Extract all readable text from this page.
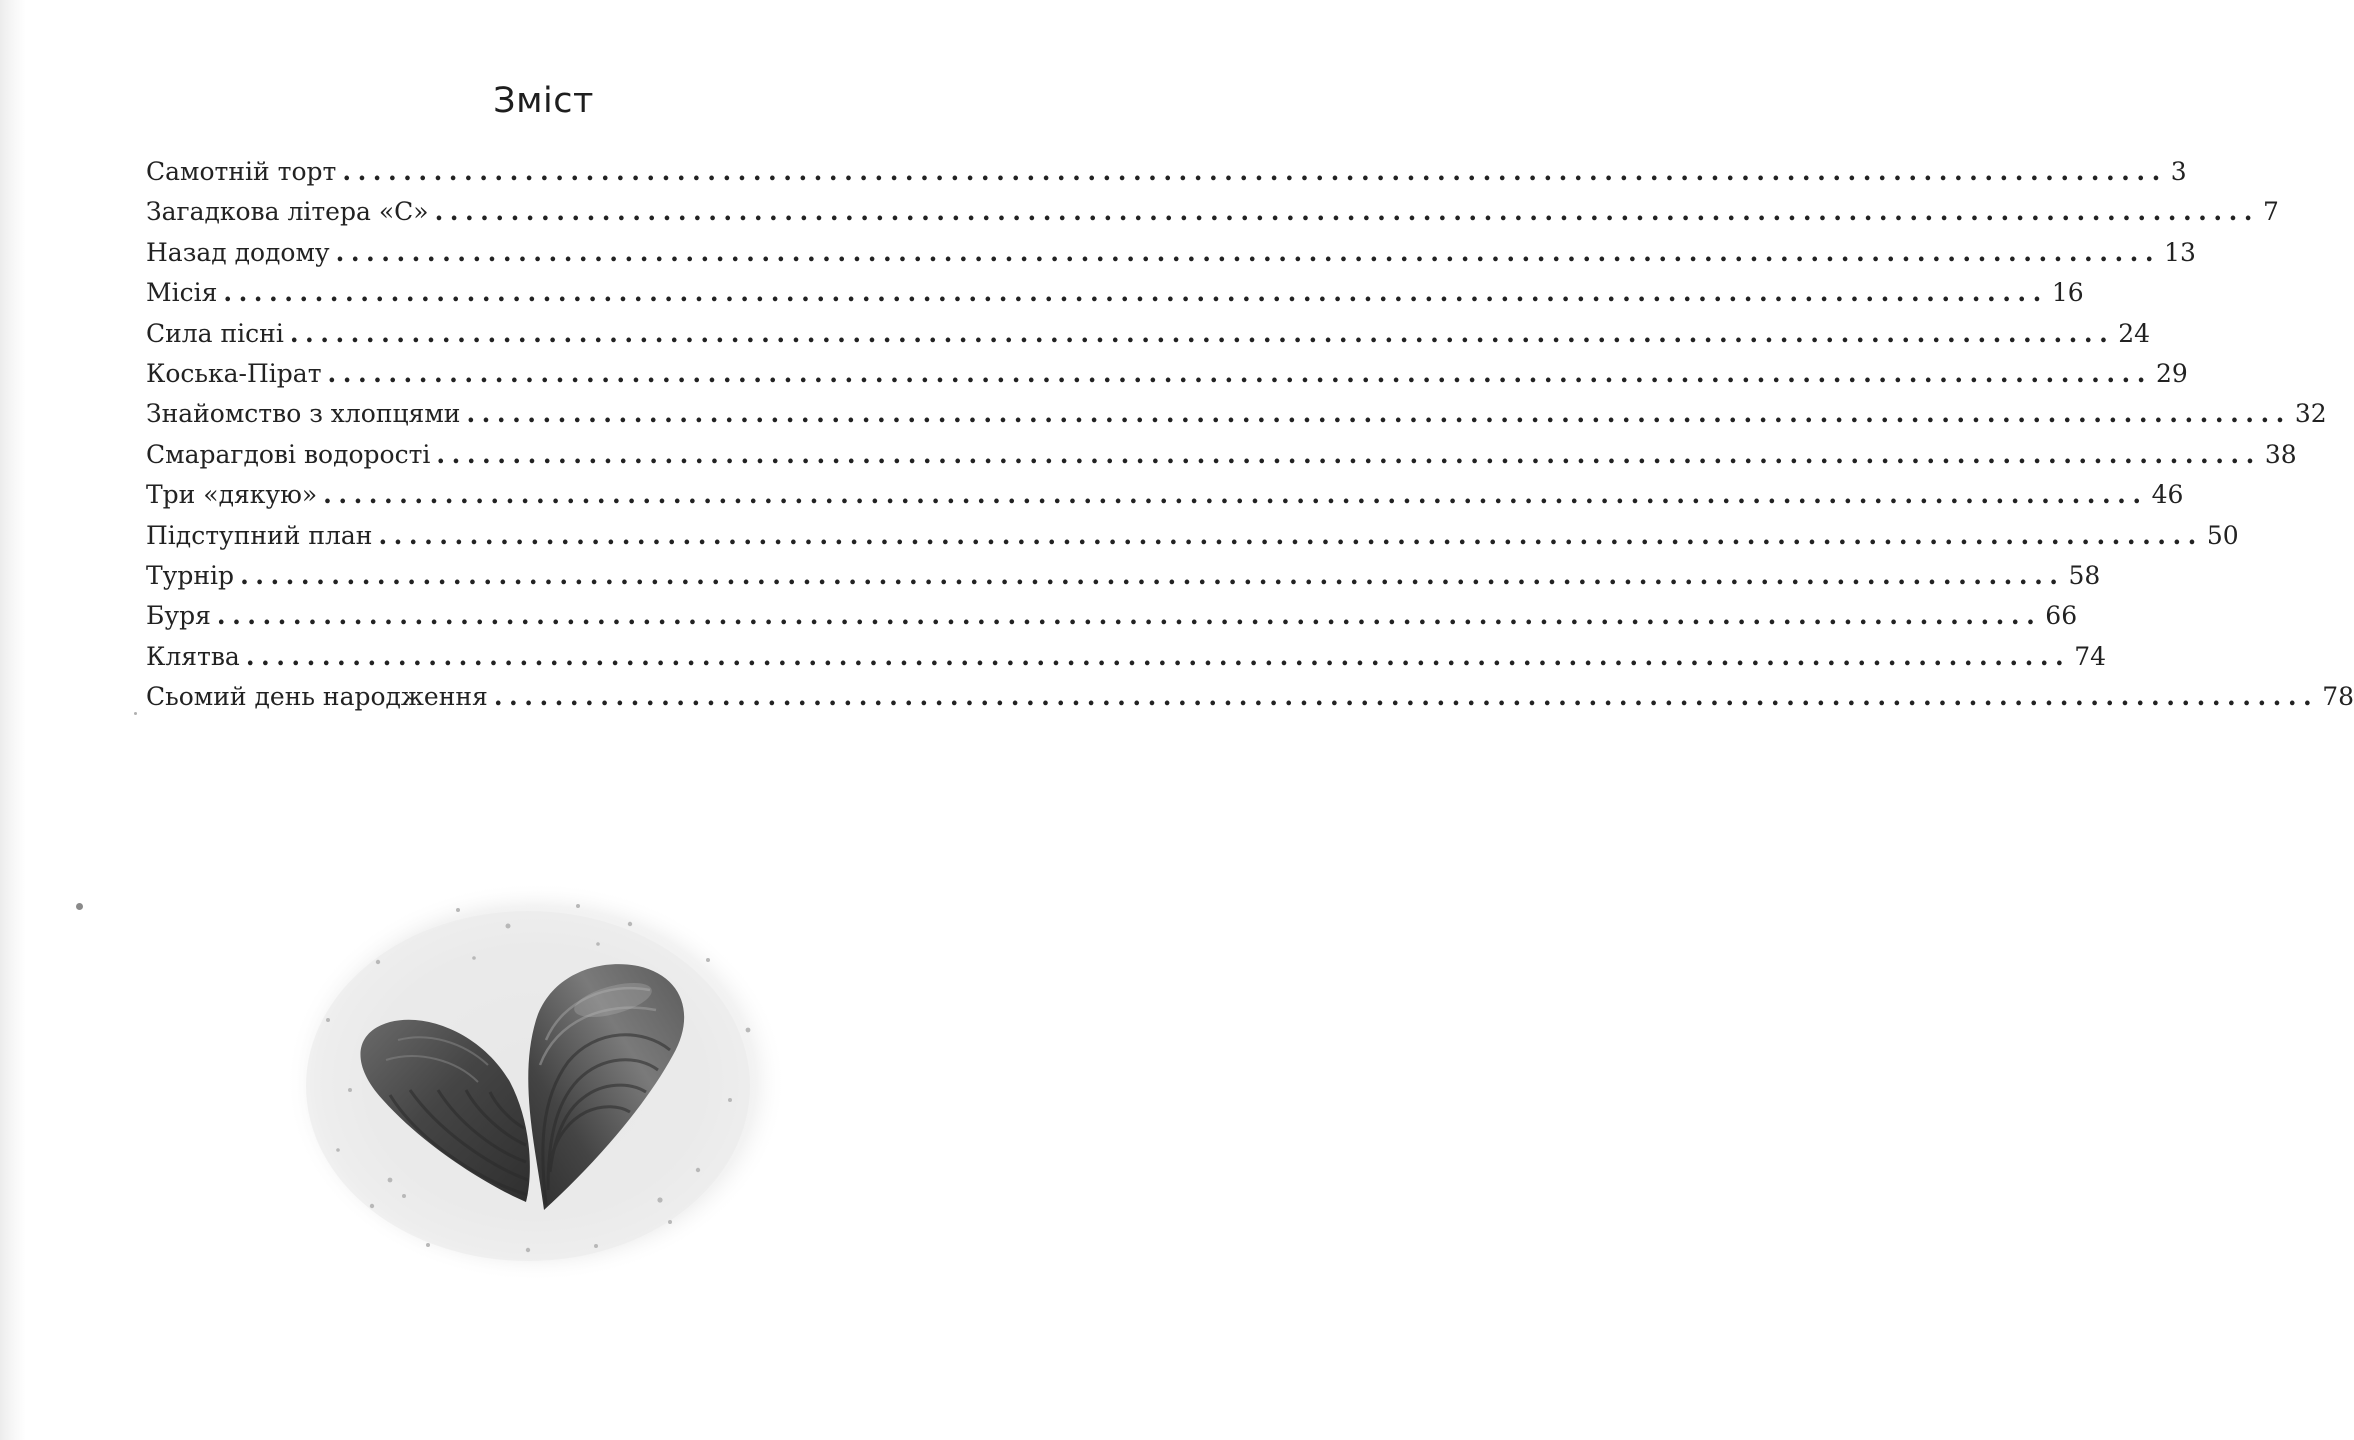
Зміст
Самотній торт ........................................................................................................................ 3
Загадкова літера «С» ........................................................................................................................ 7
Назад додому ........................................................................................................................ 13
Місія ........................................................................................................................ 16
Сила пісні ........................................................................................................................ 24
Коська-Пірат ........................................................................................................................ 29
Знайомство з хлопцями ........................................................................................................................ 32
Смарагдові водорості ........................................................................................................................ 38
Три «дякую» ........................................................................................................................ 46
Підступний план ........................................................................................................................ 50
Турнір ........................................................................................................................ 58
Буря ........................................................................................................................ 66
Клятва ........................................................................................................................ 74
Сьомий день народження ........................................................................................................................ 78
